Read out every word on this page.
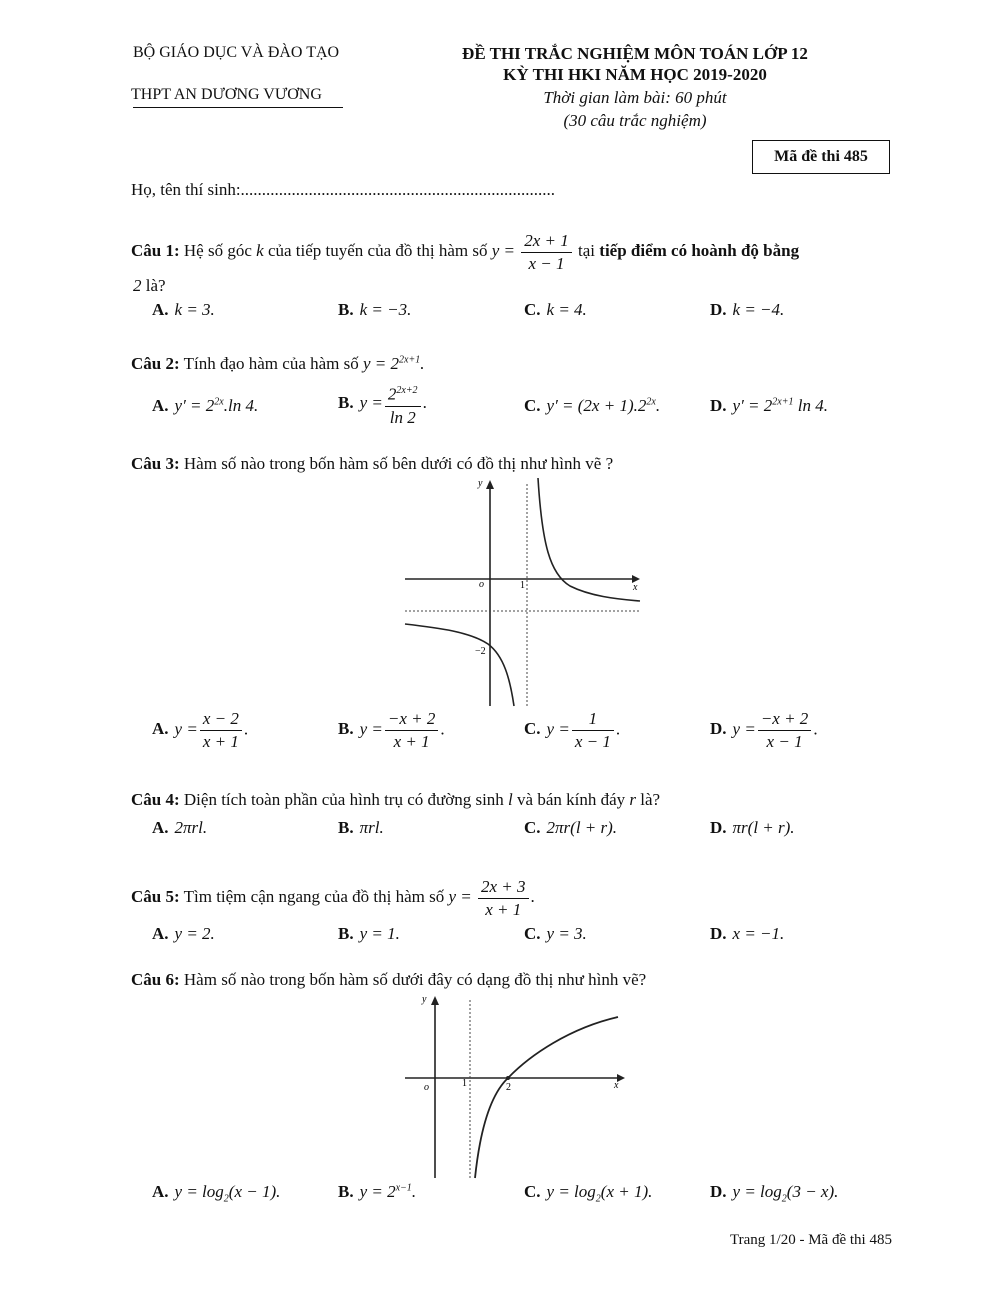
BỘ GIÁO DỤC VÀ ĐÀO TẠO
THPT AN DƯƠNG VƯƠNG
ĐỀ THI TRẮC NGHIỆM MÔN TOÁN LỚP 12
KỲ THI HKI NĂM HỌC 2019-2020
Thời gian làm bài: 60 phút
(30 câu trắc nghiệm)
Mã đề thi 485
Họ, tên thí sinh:..........................................................................
Câu 1: Hệ số góc k của tiếp tuyến của đồ thị hàm số $y = \frac{2x + 1}{x - 1}$ tại tiếp điểm có hoành độ bằng
2 là?
A. k = 3.	B. k = −3.	C. k = 4.	D. k = −4.
Câu 2: Tính đạo hàm của hàm số $y = 2^{2x+1}$.
A. $y' = 2^{2x}.\ln$ 4.	B. $y = \frac{2^{2x+2}}{\ln 2}$ .	C. $y' = (2x + 1).2^{2x}$.	D. $y' = 2^{2x+1}$ ln 4.
Câu 3: Hàm số nào trong bốn hàm số bên dưới có đồ thị như hình vẽ ?
y
x
o	1
−2
A. $y = \frac{x - 2}{x + 1}$ .	B. $y = \frac{-x + 2}{x + 1}$ .	C. $y = \frac{1}{x - 1}$ .	D. $y = \frac{-x + 2}{x - 1}$ .
Câu 4: Diện tích toàn phần của hình trụ có đường sinh l và bán kính đáy r là?
A. 2πrl.	B. πrl.	C. 2πr(l + r).	D. πr(l + r).
Câu 5: Tìm tiệm cận ngang của đồ thị hàm số $y = \frac{2x + 3}{x + 1}$ .
A. y = 2.	B. y = 1.	C. y = 3.	D. x = −1.
Câu 6: Hàm số nào trong bốn hàm số dưới đây có dạng đồ thị như hình vẽ?
y
x
o	1	2
A. $y = \log_2(x - 1)$.	B. $y = 2^{x-1}$.	C. $y = \log_2(x + 1)$.	D. $y = \log_2(3 - x)$.
Trang 1/20 - Mã đề thi 485
